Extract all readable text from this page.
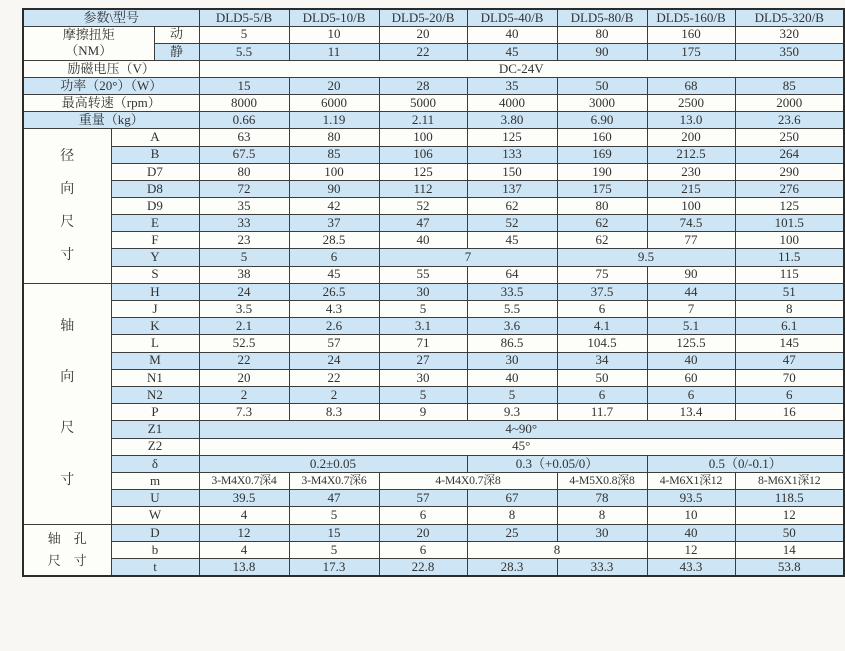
参数\型号			DLD5-5/B	DLD5-10/B	DLD5-20/B	DLD5-40/B	DLD5-80/B	DLD5-160/B	DLD5-320/B

摩擦扭矩
（NM）		动	5	10	20	40	80	160	320
		静	5.5	11	22	45	90	175	350
励磁电压（V）			DC-24V						
功率（20°）（W）			15	20	28	35	50	68	85
最高转速（rpm）			8000	6000	5000	4000	3000	2500	2000
重量（kg）			0.66	1.19	2.11	3.80	6.90	13.0	23.6

径
向
尺
寸	A		63	80	100	125	160	200	250
	B		67.5	85	106	133	169	212.5	264
	D7		80	100	125	150	190	230	290
	D8		72	90	112	137	175	215	276
	D9		35	42	52	62	80	100	125
	E		33	37	47	52	62	74.5	101.5
	F		23	28.5	40	45	62	77	100
	Y		5	6	7		9.5		11.5
	S		38	45	55	64	75	90	115

轴
向
尺
寸	H		24	26.5	30	33.5	37.5	44	51
	J		3.5	4.3	5	5.5	6	7	8
	K		2.1	2.6	3.1	3.6	4.1	5.1	6.1
	L		52.5	57	71	86.5	104.5	125.5	145
	M		22	24	27	30	34	40	47
	N1		20	22	30	40	50	60	70
	N2		2	2	5	5	6	6	6
	P		7.3	8.3	9	9.3	11.7	13.4	16
	Z1		4~90°						
	Z2		45°						
	δ		0.2±0.05			0.3（+0.05/0）		0.5（0/-0.1）	
	m		3-M4X0.7深4	3-M4X0.7深6	4-M4X0.7深8		4-M5X0.8深8	4-M6X1深12	8-M6X1深12
	U		39.5	47	57	67	78	93.5	118.5
	W		4	5	6	8	8	10	12

轴　孔
尺　寸	D		12	15	20	25	30	40	50
	b		4	5	6	8		12	14
	t		13.8	17.3	22.8	28.3	33.3	43.3	53.8
